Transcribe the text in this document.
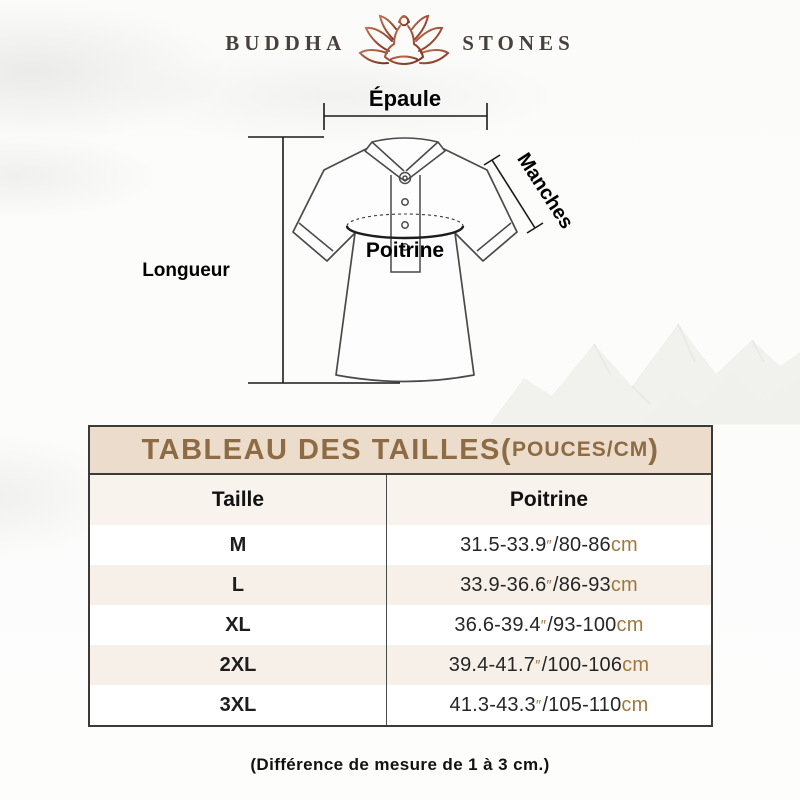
BUDDHA	STONES
Épaule
Longueur
Poitrine
Manches
TABLEAU DES TAILLES( POUCES/CM )
Taille	Poitrine
M	31.5-33.9 ″ / 80-86 cm
L	33.9-36.6 ″ / 86-93 cm
XL	36.6-39.4 ″ / 93-100 cm
2XL	39.4-41.7 ″ / 100-106 cm
3XL	41.3-43.3 ″ / 105-110 cm
(Différence de mesure de 1 à 3 cm.)
